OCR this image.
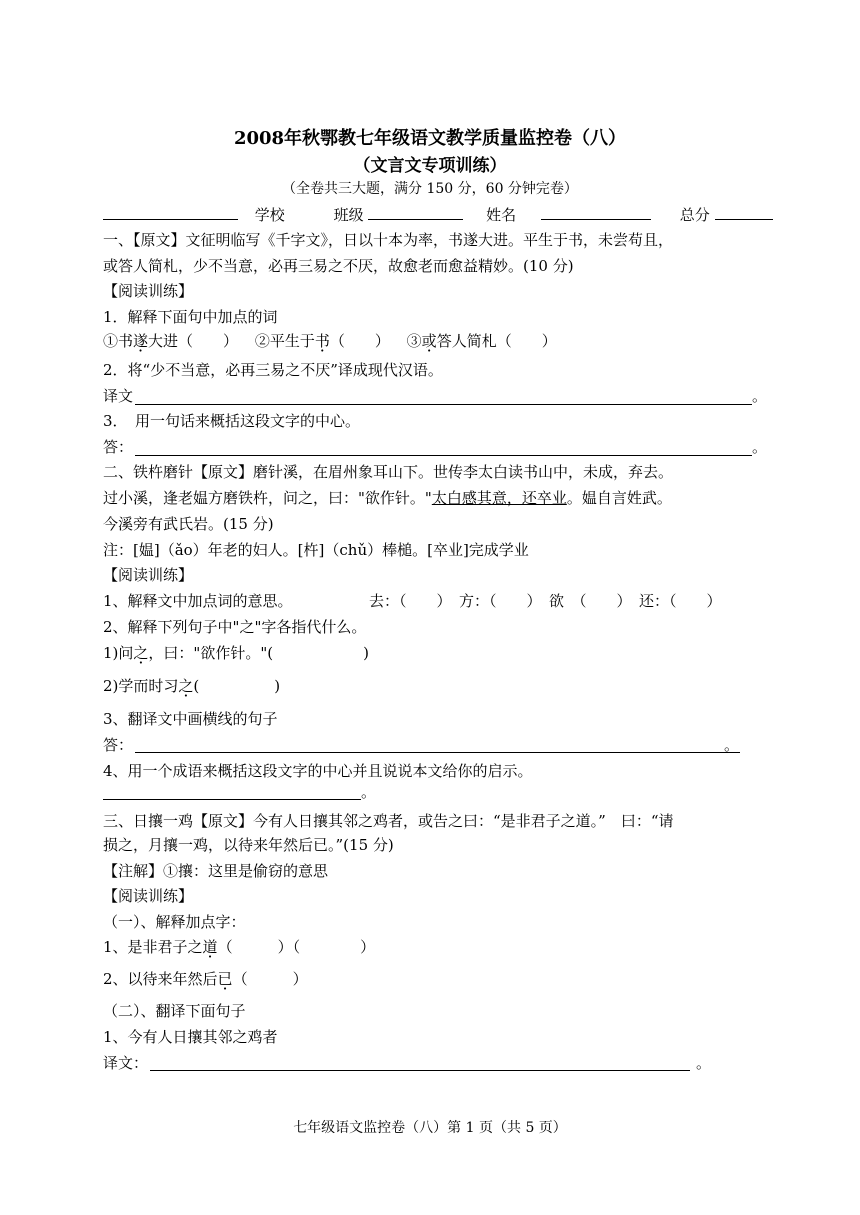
2008年秋鄂教七年级语文教学质量监控卷（八）
（文言文专项训练）
（全卷共三大题，满分 150 分，60 分钟完卷）
学校	班级	姓名	总分
一、【原文】文征明临写《千字文》，日以十本为率，书遂大进。平生于书，未尝苟且，
或答人简札，少不当意，必再三易之不厌，故愈老而愈益精妙。(10 分)
【阅读训练】
1．解释下面句中加点的词
①书遂大进（　　） ②平生于书（　　） ③或答人简札（　　）
2．将“少不当意，必再三易之不厌”译成现代汉语。
译文	。
3．　用一句话来概括这段文字的中心。
答：	。
二、铁杵磨针【原文】磨针溪，在眉州象耳山下。世传李太白读书山中，未成，弃去。
过小溪，逢老媪方磨铁杵，问之，曰："欲作针。"太白感其意，还卒业。媪自言姓武。
今溪旁有武氏岩。(15 分)
注：[媪]（ǎo）年老的妇人。[杵]（chǔ）棒槌。[卒业]完成学业
【阅读训练】
1、解释文中加点词的意思。	去：（　　）　方：（　　）　欲　（　　）　还：（　　）
2、解释下列句子中"之"字各指代什么。
1)问之，曰："欲作针。"(　　　　　　)
2)学而时习之(　　　　　)
3、翻译文中画横线的句子
答：	。
4、用一个成语来概括这段文字的中心并且说说本文给你的启示。
。
三、日攘一鸡【原文】今有人日攘其邻之鸡者，或告之曰：“是非君子之道。”　曰：“请
损之，月攘一鸡，以待来年然后已。”(15 分)
【注解】①攘：这里是偷窃的意思
【阅读训练】
（一）、解释加点字：
1、是非君子之道（　　　）（　　　　）
2、以待来年然后已（　　　）
（二）、翻译下面句子
1、今有人日攘其邻之鸡者
译文：	。
七年级语文监控卷（八）第 1 页（共 5 页）
